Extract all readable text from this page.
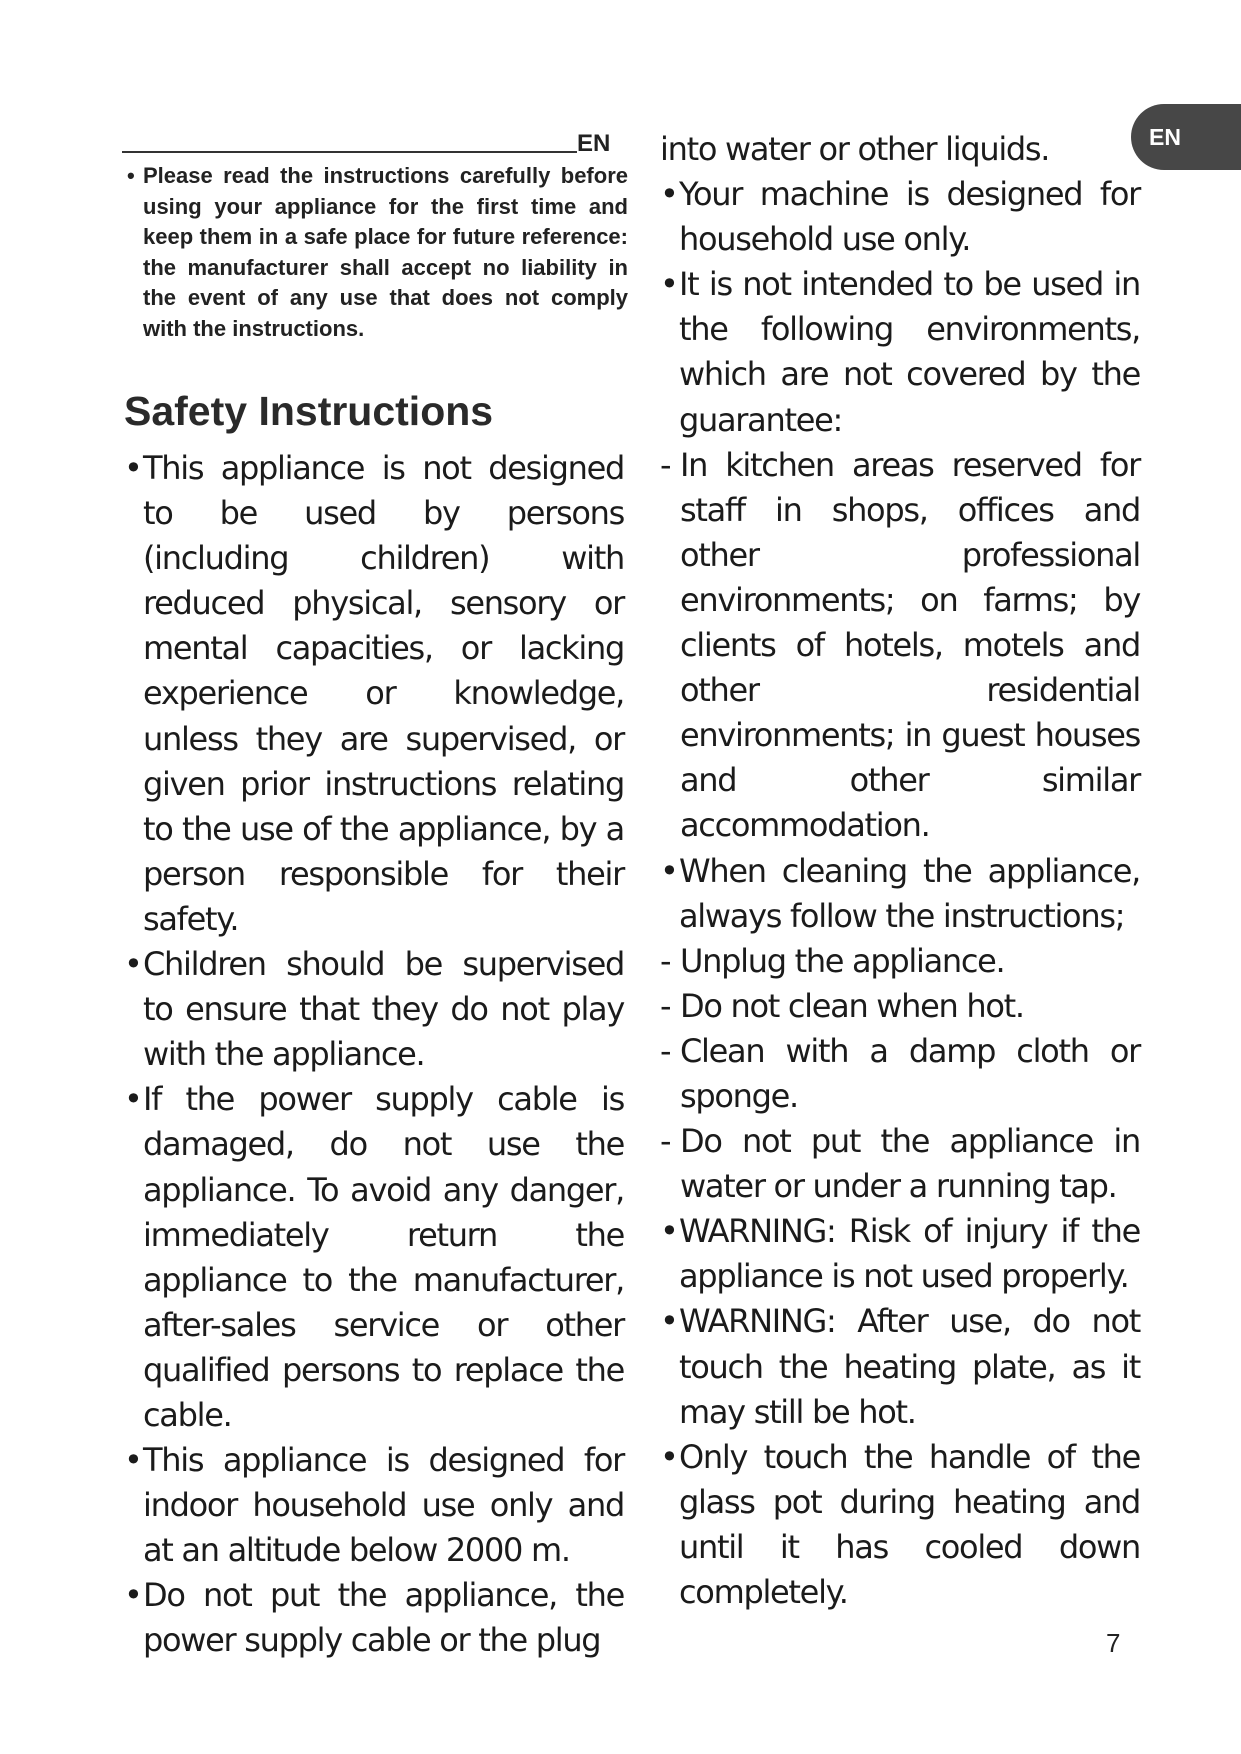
EN	EN
• Please read the instructions carefully before using your appliance for the first time and keep them in a safe place for future reference: the manufacturer shall accept no liability in the event of any use that does not comply with the instructions.
Safety Instructions
• This appliance is not designed to be used by persons (including children) with reduced physical, sensory or mental capacities, or lacking experience or knowledge, unless they are supervised, or given prior instructions relating to the use of the appliance, by a person responsible for their safety.
• Children should be supervised to ensure that they do not play with the appliance.
• If the power supply cable is damaged, do not use the appliance. To avoid any danger, immediately return the appliance to the manufacturer, after-sales service or other qualified persons to replace the cable.
• This appliance is designed for indoor household use only and at an altitude below 2000 m.
• Do not put the appliance, the power supply cable or the plug
into water or other liquids.
• Your machine is designed for household use only.
• It is not intended to be used in the following environments, which are not covered by the guarantee:
- In kitchen areas reserved for staff in shops, offices and other professional environments; on farms; by clients of hotels, motels and other residential environments; in guest houses and other similar accommodation.
• When cleaning the appliance, always follow the instructions;
- Unplug the appliance.
- Do not clean when hot.
- Clean with a damp cloth or sponge.
- Do not put the appliance in water or under a running tap.
• WARNING: Risk of injury if the appliance is not used properly.
• WARNING: After use, do not touch the heating plate, as it may still be hot.
• Only touch the handle of the glass pot during heating and until it has cooled down completely.
7
